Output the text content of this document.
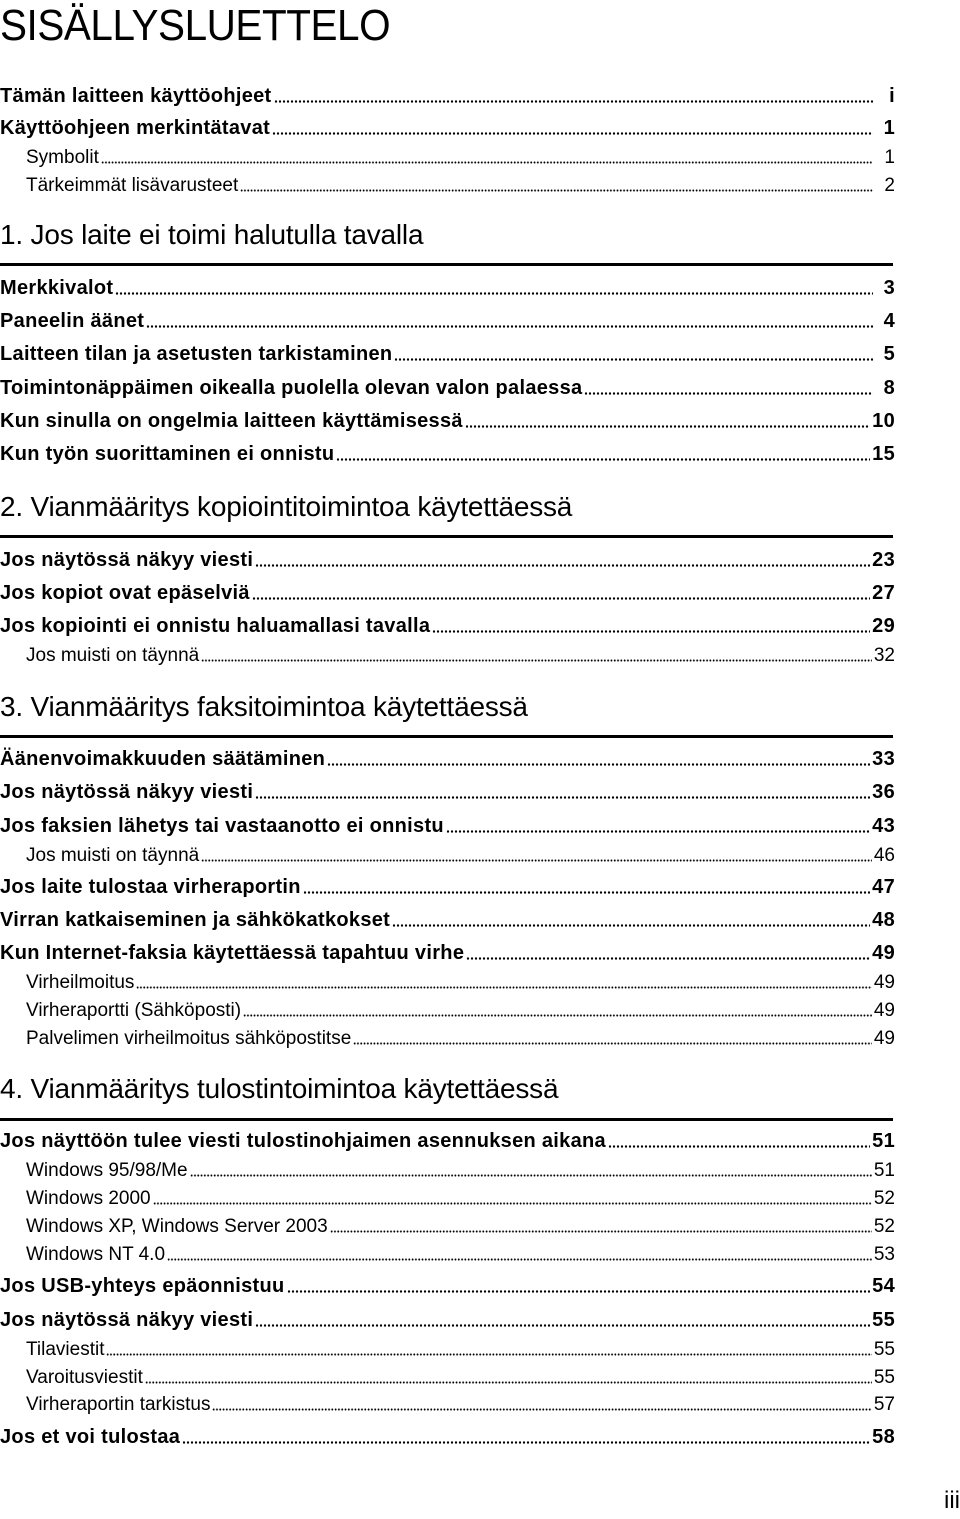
SISÄLLYSLUETTELO
Tämän laitteen käyttöohjeet	i
Käyttöohjeen merkintätavat	1
Symbolit	1
Tärkeimmät lisävarusteet	2
1. Jos laite ei toimi halutulla tavalla
Merkkivalot	3
Paneelin äänet	4
Laitteen tilan ja asetusten tarkistaminen	5
Toimintonäppäimen oikealla puolella olevan valon palaessa	8
Kun sinulla on ongelmia laitteen käyttämisessä	10
Kun työn suorittaminen ei onnistu	15
2. Vianmääritys kopiointitoimintoa käytettäessä
Jos näytössä näkyy viesti	23
Jos kopiot ovat epäselviä	27
Jos kopiointi ei onnistu haluamallasi tavalla	29
Jos muisti on täynnä	32
3. Vianmääritys faksitoimintoa käytettäessä
Äänenvoimakkuuden säätäminen	33
Jos näytössä näkyy viesti	36
Jos faksien lähetys tai vastaanotto ei onnistu	43
Jos muisti on täynnä	46
Jos laite tulostaa virheraportin	47
Virran katkaiseminen ja sähkökatkokset	48
Kun Internet-faksia käytettäessä tapahtuu virhe	49
Virheilmoitus	49
Virheraportti (Sähköposti)	49
Palvelimen virheilmoitus sähköpostitse	49
4. Vianmääritys tulostintoimintoa käytettäessä
Jos näyttöön tulee viesti tulostinohjaimen asennuksen aikana	51
Windows 95/98/Me	51
Windows 2000	52
Windows XP, Windows Server 2003	52
Windows NT 4.0	53
Jos USB-yhteys epäonnistuu	54
Jos näytössä näkyy viesti	55
Tilaviestit	55
Varoitusviestit	55
Virheraportin tarkistus	57
Jos et voi tulostaa	58
iii
